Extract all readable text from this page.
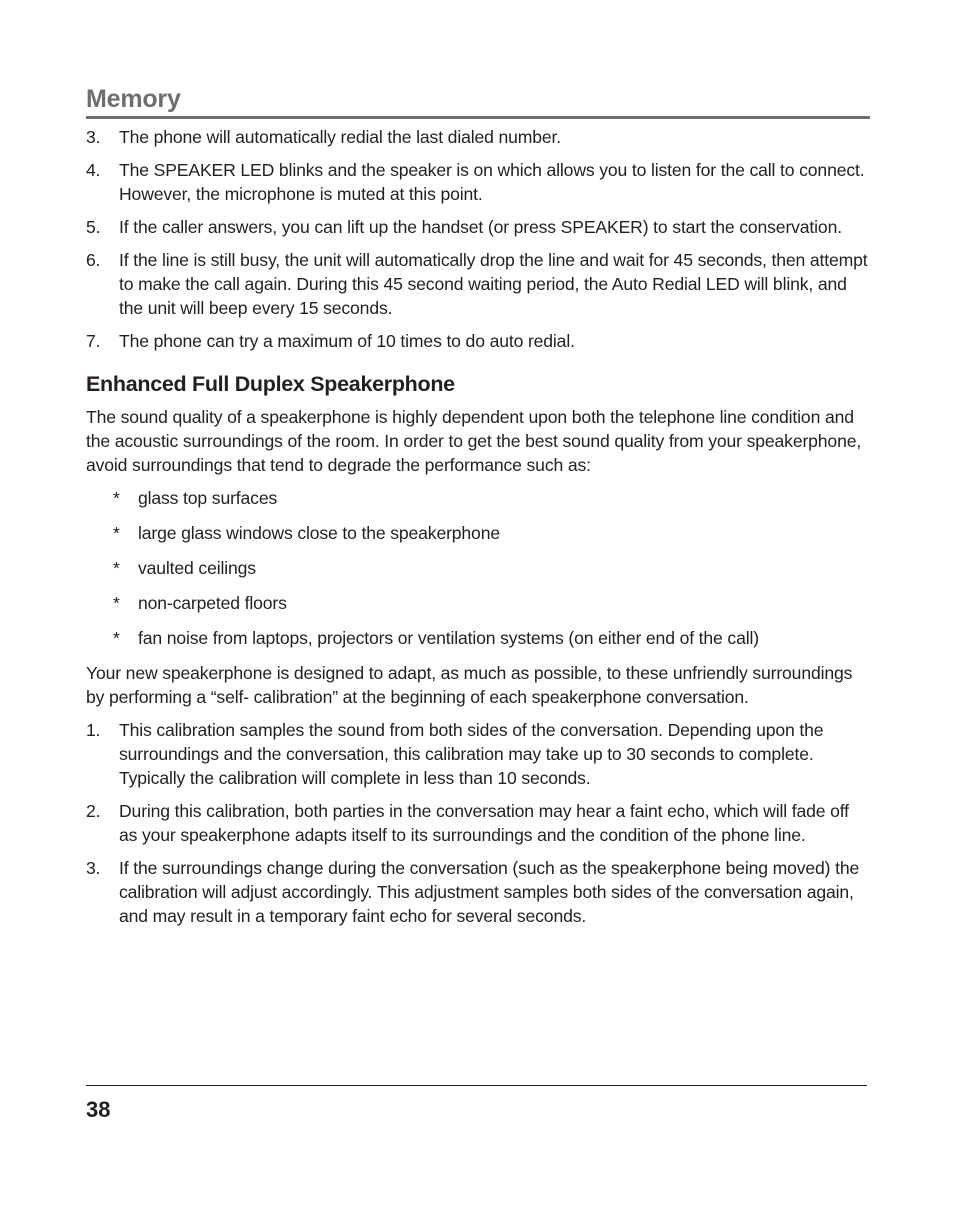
Memory
3. The phone will automatically redial the last dialed number.
4. The SPEAKER LED blinks and the speaker is on which allows you to listen for the call to connect. However, the microphone is muted at this point.
5. If the caller answers, you can lift up the handset (or press SPEAKER) to start the conservation.
6. If the line is still busy, the unit will automatically drop the line and wait for 45 seconds, then attempt to make the call again. During this 45 second waiting period, the Auto Redial LED will blink, and the unit will beep every 15 seconds.
7. The phone can try a maximum of 10 times to do auto redial.
Enhanced Full Duplex Speakerphone

The sound quality of a speakerphone is highly dependent upon both the telephone line condition and the acoustic surroundings of the room. In order to get the best sound quality from your speakerphone, avoid surroundings that tend to degrade the performance such as:

* glass top surfaces
* large glass windows close to the speakerphone
* vaulted ceilings
* non-carpeted floors
* fan noise from laptops, projectors or ventilation systems (on either end of the call)

Your new speakerphone is designed to adapt, as much as possible, to these unfriendly surroundings by performing a “self- calibration” at the beginning of each speakerphone conversation.

1. This calibration samples the sound from both sides of the conversation. Depending upon the surroundings and the conversation, this calibration may take up to 30 seconds to complete. Typically the calibration will complete in less than 10 seconds.
2. During this calibration, both parties in the conversation may hear a faint echo, which will fade off as your speakerphone adapts itself to its surroundings and the condition of the phone line.
3. If the surroundings change during the conversation (such as the speakerphone being moved) the calibration will adjust accordingly. This adjustment samples both sides of the conversation again, and may result in a temporary faint echo for several seconds.
38
